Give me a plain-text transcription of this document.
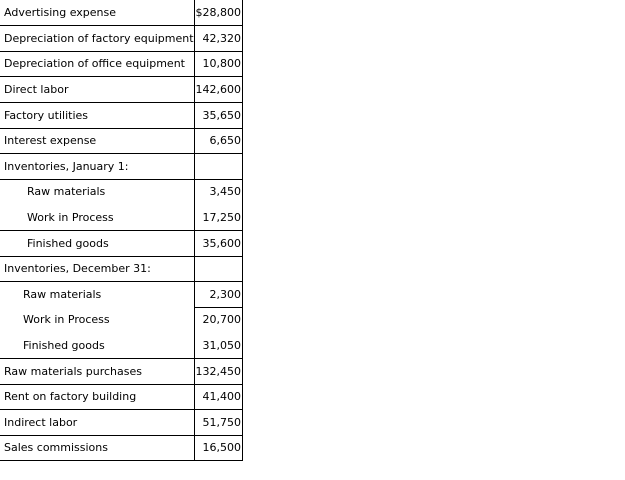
Advertising expense	$28,800
Depreciation of factory equipment 42,320
Depreciation of office equipment	10,800
Direct labor	142,600
Factory utilities	35,650
Interest expense	6,650
Inventories, January 1:
Raw materials	3,450
Work in Process	17,250
Finished goods	35,600
Inventories, December 31:
Raw materials	2,300
Work in Process	20,700
Finished goods	31,050
Raw materials purchases	132,450
Rent on factory building	41,400
Indirect labor	51,750
Sales commissions	16,500
